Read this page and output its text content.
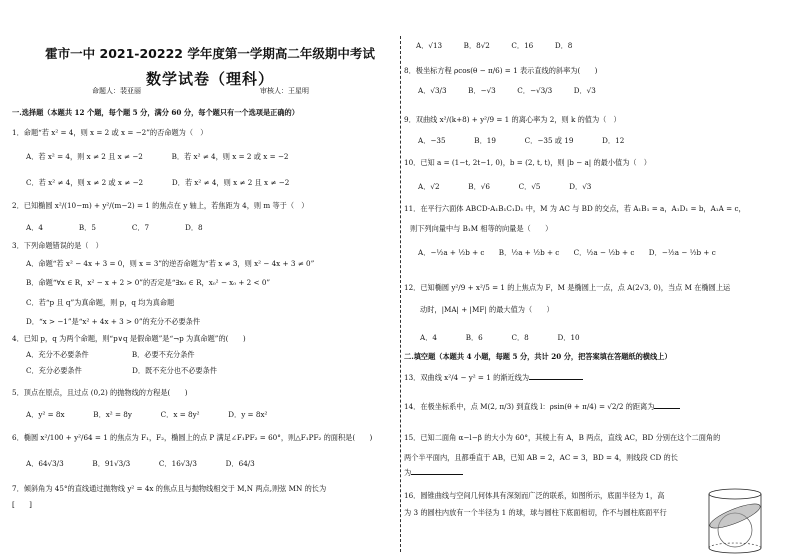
霍市一中 2021-20222 学年度第一学期高二年级期中考试
数学试卷（理科）
命题人：裴亚丽	审核人：王星明
一.选择题（本题共 12 个题，每个题 5 分，满分 60 分，每个题只有一个选项是正确的）
1．命题“若 x² = 4，则 x = 2 或 x = −2”的否命题为（　）
A．若 x² = 4，则 x ≠ 2 且 x ≠ −2　　　　B．若 x² ≠ 4，则 x = 2 或 x = −2
C．若 x² ≠ 4，则 x ≠ 2 或 x ≠ −2　　　　D．若 x² ≠ 4，则 x ≠ 2 且 x ≠ −2
2．已知椭圆 x²/(10−m) + y²/(m−2) = 1 的焦点在 y 轴上，若焦距为 4，则 m 等于（　）
A．4　　　　　B．5　　　　　C．7　　　　　D．8
3．下列命题错误的是（　）
A．命题“若 x² − 4x + 3 = 0，则 x = 3”的逆否命题为“若 x ≠ 3，则 x² − 4x + 3 ≠ 0”
B．命题“∀x ∈ R，x² − x + 2 > 0”的否定是“∃x₀ ∈ R，x₀² − x₀ + 2 < 0”
C．若“p 且 q”为真命题，则 p，q 均为真命题
D．“x > −1”是“x² + 4x + 3 > 0”的充分不必要条件
4．已知 p，q 为两个命题，则“p∨q 是假命题”是“¬p 为真命题”的(　　)
A．充分不必要条件　　　　　　B．必要不充分条件
C．充分必要条件　　　　　　　D．既不充分也不必要条件
5．顶点在原点，且过点 (0,2) 的抛物线的方程是(　　)
A．y² = 8x　　　　B．x² = 8y　　　　C．x = 8y²　　　　D．y = 8x²
6．椭圆 x²/100 + y²/64 = 1 的焦点为 F₁，F₂，椭圆上的点 P 满足∠F₁PF₂ = 60°，则△F₁PF₂ 的面积是(　　)
A．64√3/3　　　　B．91√3/3　　　　C．16√3/3　　　　D．64/3
7．倾斜角为 45°的直线通过抛物线 y² = 4x 的焦点且与抛物线相交于 M,N 两点,则弦 MN 的长为
[　　]
A．√13　　　B．8√2　　　C．16　　　D．8
8．极坐标方程 ρcos(θ − π/6) = 1 表示直线的斜率为(　　)
A．√3/3　　　B．−√3　　　C．−√3/3　　　D．√3
9．双曲线 x²/(k+8) + y²/9 = 1 的离心率为 2，则 k 的值为（　）
A．−35　　　　B．19　　　　C．−35 或 19　　　　D．12
10．已知 a = (1−t, 2t−1, 0)，b = (2, t, t)，则 |b − a| 的最小值为（　）
A．√2　　　　B．√6　　　　C．√5　　　　D．√3
11．在平行六面体 ABCD-A₁B₁C₁D₁ 中，M 为 AC 与 BD 的交点，若 A₁B₁ = a，A₁D₁ = b，A₁A = c，
则下列向量中与 B₁M 相等的向量是（　　）
A．−½a + ½b + c　　B．½a + ½b + c　　C．½a − ½b + c　　D．−½a − ½b + c
12．已知椭圆 y²/9 + x²/5 = 1 的上焦点为 F，M 是椭圆上一点，点 A(2√3, 0)，当点 M 在椭圆上运
动时，|MA| + |MF| 的最大值为（　　）
A．4　　　　B．6　　　　C．8　　　　D．10
二.填空题（本题共 4 小题，每题 5 分，共计 20 分，把答案填在答题纸的横线上）
13．双曲线 x²/4 − y² = 1 的渐近线为
14．在极坐标系中，点 M(2, π/3) 到直线 l：ρsin(θ + π/4) = √2/2 的距离为
15．已知二面角 α−l−β 的大小为 60°，其棱上有 A，B 两点，直线 AC，BD 分别在这个二面角的
两个半平面内，且都垂直于 AB，已知 AB = 2，AC = 3，BD = 4，则线段 CD 的长
为
16．圆锥曲线与空间几何体具有深刻而广泛的联系，如图所示，底面半径为 1，高
为 3 的圆柱内放有一个半径为 1 的球，球与圆柱下底面相切，作不与圆柱底面平行
